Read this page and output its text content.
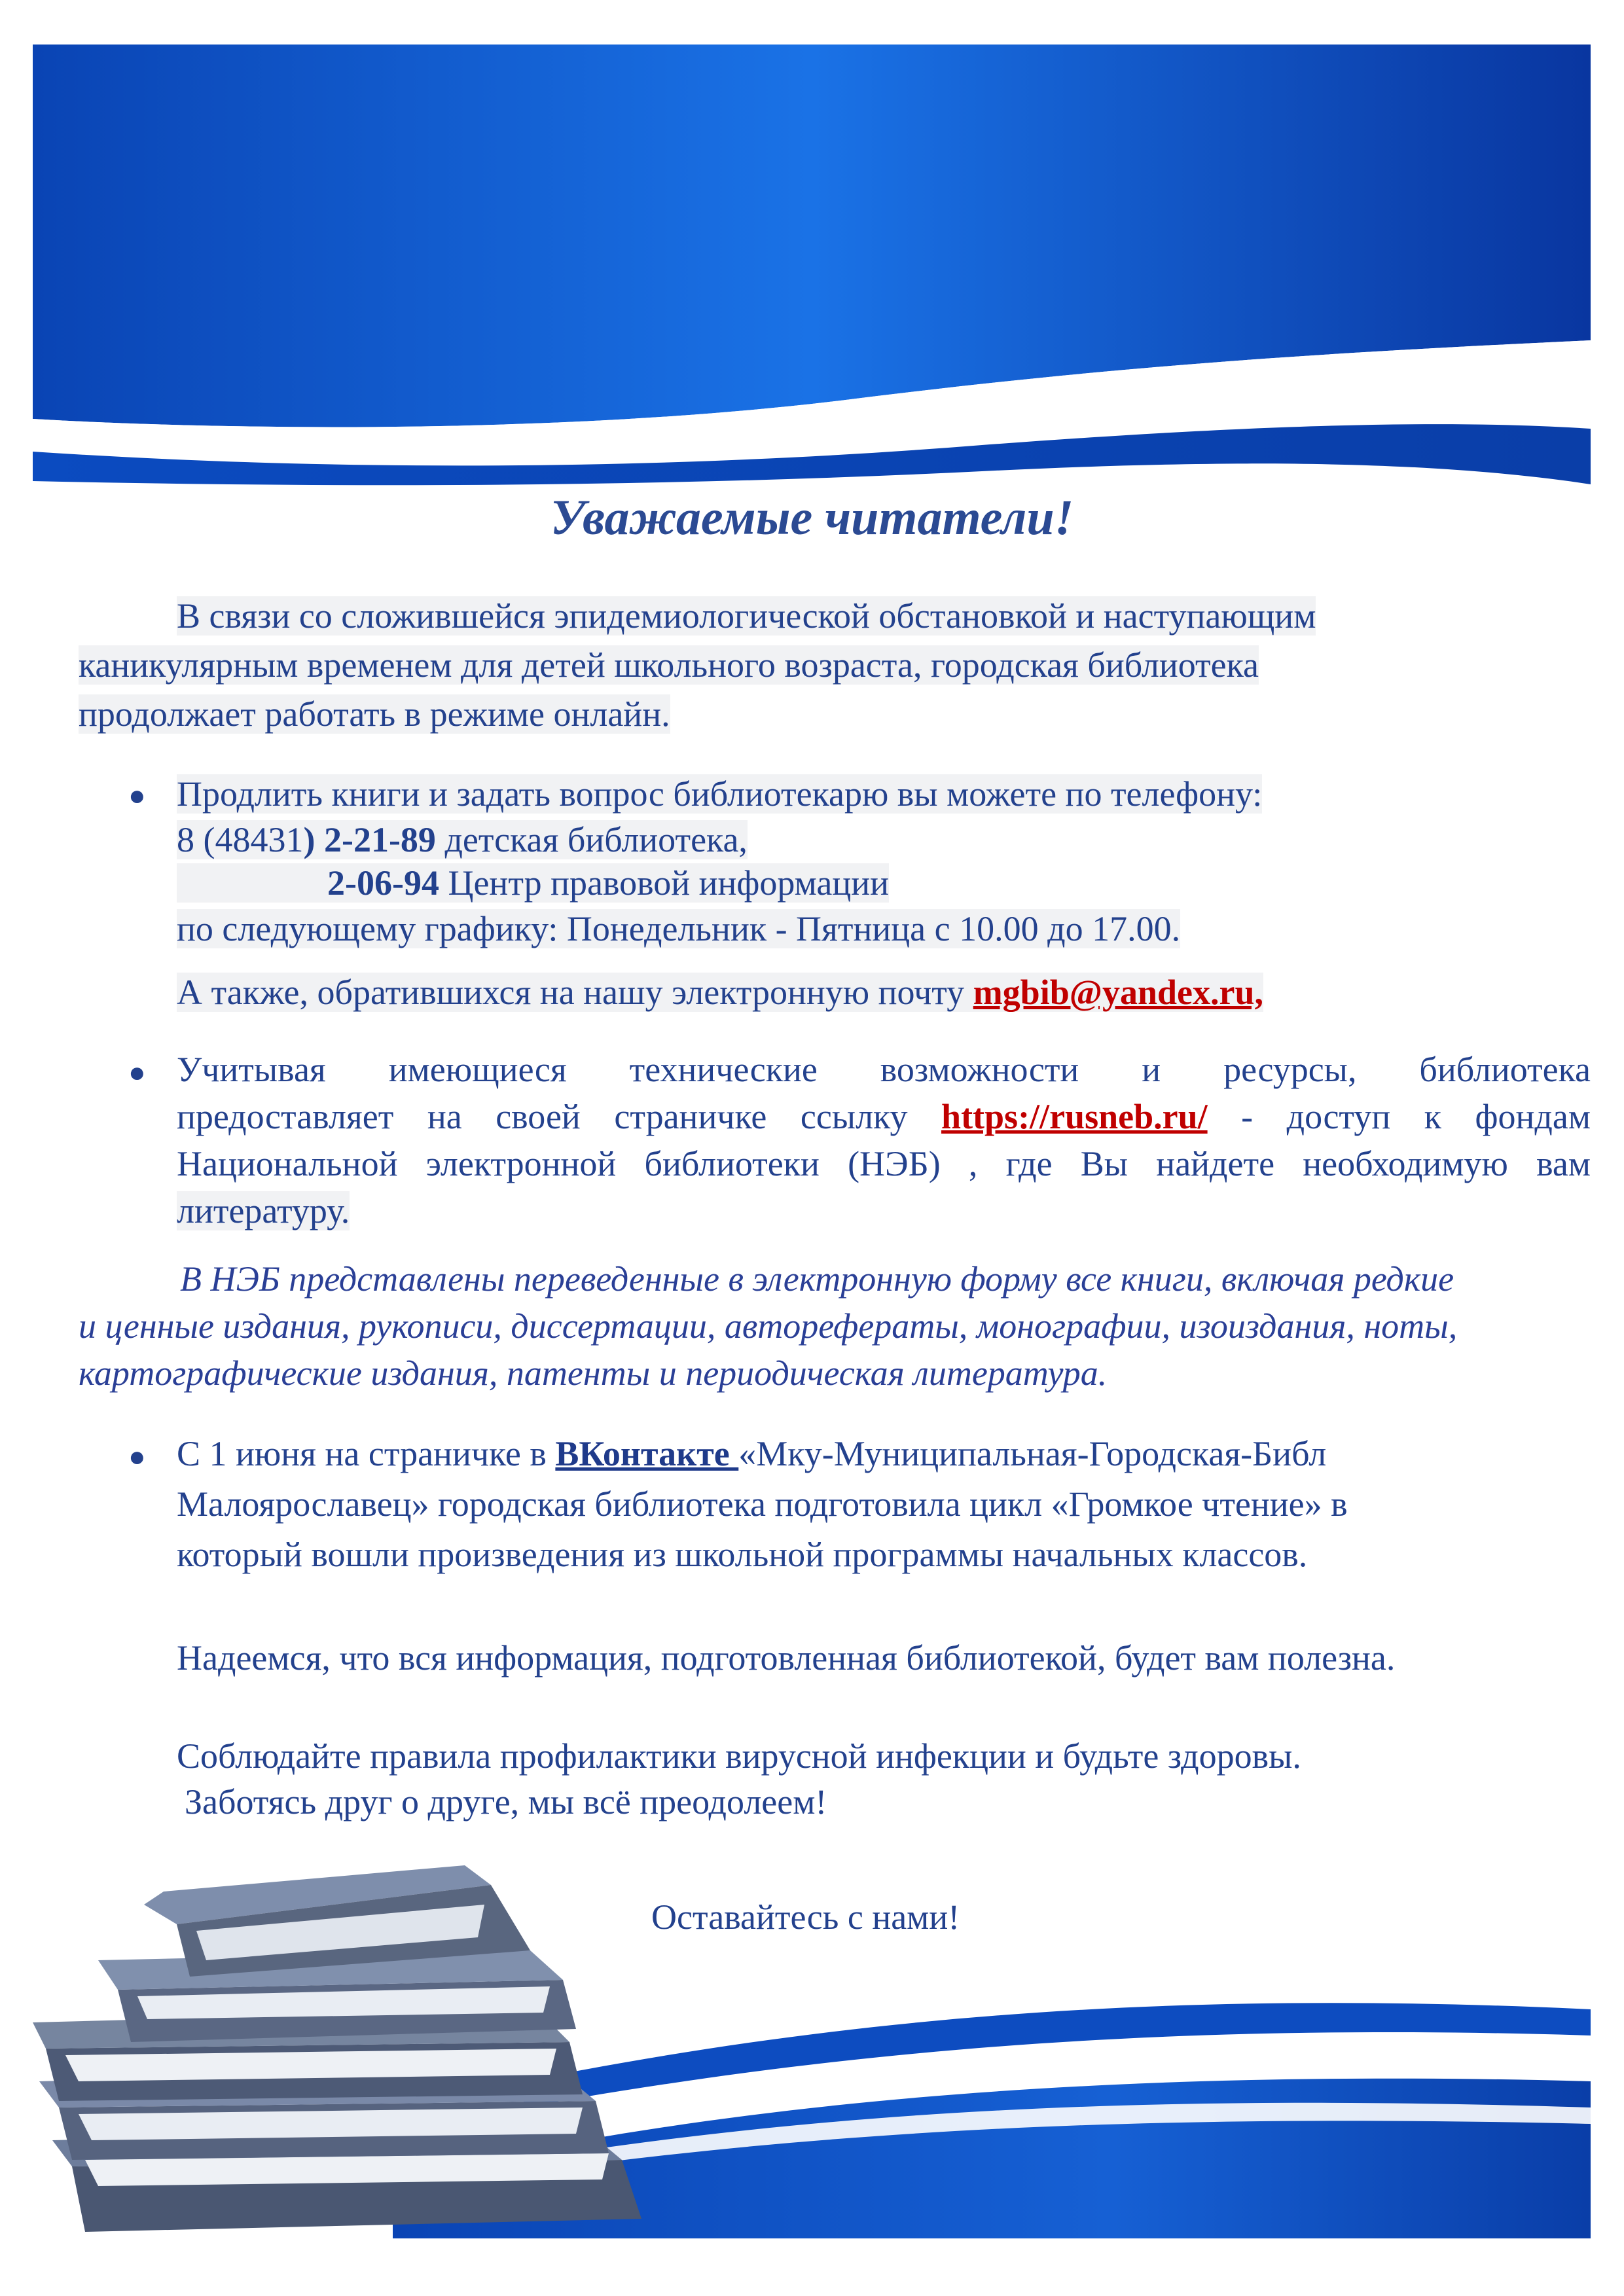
Уважаемые читатели!
В связи со сложившейся эпидемиологической обстановкой и наступающим
каникулярным временем для детей школьного возраста, городская библиотека
продолжает работать в режиме онлайн.
● Продлить книги и задать вопрос библиотекарю вы можете по телефону:
8 (48431) 2-21-89 детская библиотека,
2-06-94 Центр правовой информации
по следующему графику: Понедельник - Пятница с 10.00 до 17.00.
А также, обратившихся на нашу электронную почту mgbib@yandex.ru,
● Учитывая имеющиеся технические возможности и ресурсы, библиотека
предоставляет на своей страничке ссылку https://rusneb.ru/ - доступ к фондам
Национальной электронной библиотеки (НЭБ) , где Вы найдете необходимую вам
литературу.
В НЭБ представлены переведенные в электронную форму все книги, включая редкие
и ценные издания, рукописи, диссертации, авторефераты, монографии, изоиздания, ноты,
картографические издания, патенты и периодическая литература.
● С 1 июня на страничке в ВКонтакте «Мку-Муниципальная-Городская-Библ
Малоярославец» городская библиотека подготовила цикл «Громкое чтение» в
который вошли произведения из школьной программы начальных классов.
Надеемся, что вся информация, подготовленная библиотекой, будет вам полезна.
Соблюдайте правила профилактики вирусной инфекции и будьте здоровы.
Заботясь друг о друге, мы всё преодолеем!
Оставайтесь с нами!
